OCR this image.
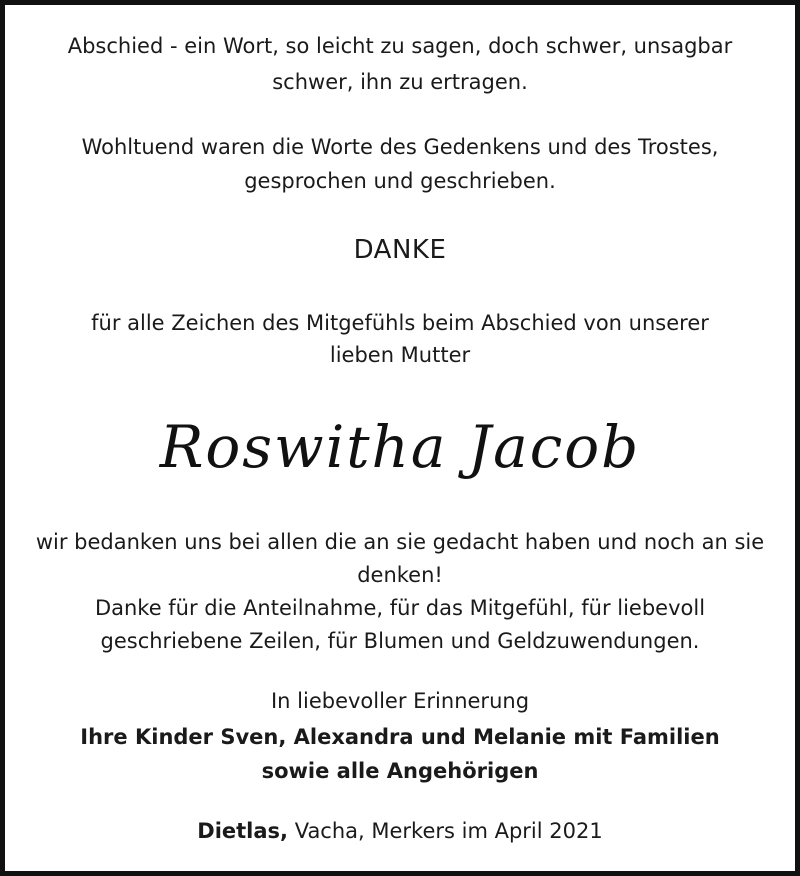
Abschied - ein Wort, so leicht zu sagen, doch schwer, unsagbar
schwer, ihn zu ertragen.
Wohltuend waren die Worte des Gedenkens und des Trostes,
gesprochen und geschrieben.
DANKE
für alle Zeichen des Mitgefühls beim Abschied von unserer
lieben Mutter
Roswitha Jacob
wir bedanken uns bei allen die an sie gedacht haben und noch an sie
denken!
Danke für die Anteilnahme, für das Mitgefühl, für liebevoll
geschriebene Zeilen, für Blumen und Geldzuwendungen.
In liebevoller Erinnerung
Ihre Kinder Sven, Alexandra und Melanie mit Familien
sowie alle Angehörigen
Dietlas, Vacha, Merkers im April 2021
